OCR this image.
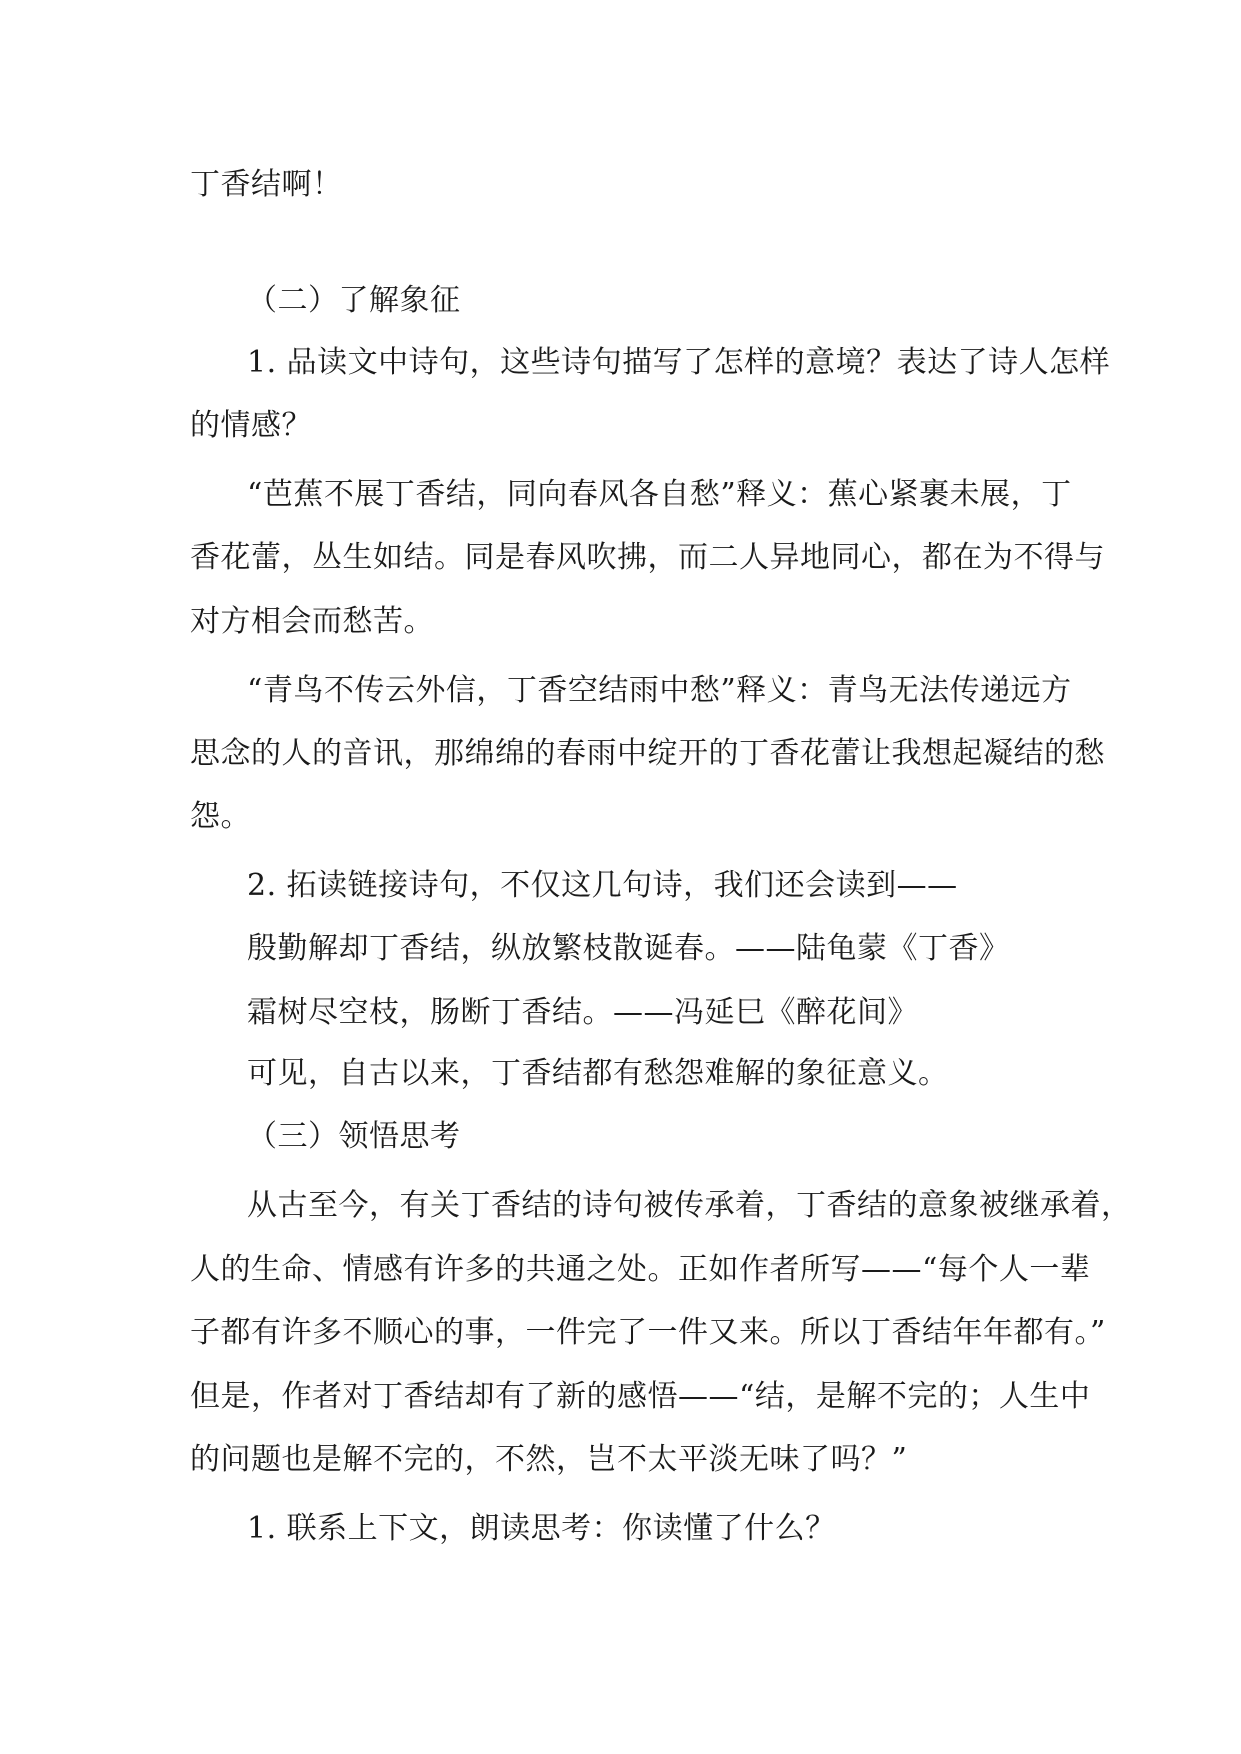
丁香结啊！
（二）了解象征
1. 品读文中诗句，这些诗句描写了怎样的意境？表达了诗人怎样
的情感？
“芭蕉不展丁香结，同向春风各自愁”释义：蕉心紧裹未展，丁
香花蕾，丛生如结。同是春风吹拂，而二人异地同心，都在为不得与
对方相会而愁苦。
“青鸟不传云外信，丁香空结雨中愁”释义：青鸟无法传递远方
思念的人的音讯，那绵绵的春雨中绽开的丁香花蕾让我想起凝结的愁
怨。
2. 拓读链接诗句，不仅这几句诗，我们还会读到——
殷勤解却丁香结，纵放繁枝散诞春。——陆龟蒙《丁香》
霜树尽空枝，肠断丁香结。——冯延巳《醉花间》
可见，自古以来，丁香结都有愁怨难解的象征意义。
（三）领悟思考
从古至今，有关丁香结的诗句被传承着，丁香结的意象被继承着，
人的生命、情感有许多的共通之处。正如作者所写——“每个人一辈
子都有许多不顺心的事，一件完了一件又来。所以丁香结年年都有。”
但是，作者对丁香结却有了新的感悟——“结，是解不完的；人生中
的问题也是解不完的，不然，岂不太平淡无味了吗？”
1. 联系上下文，朗读思考：你读懂了什么？
